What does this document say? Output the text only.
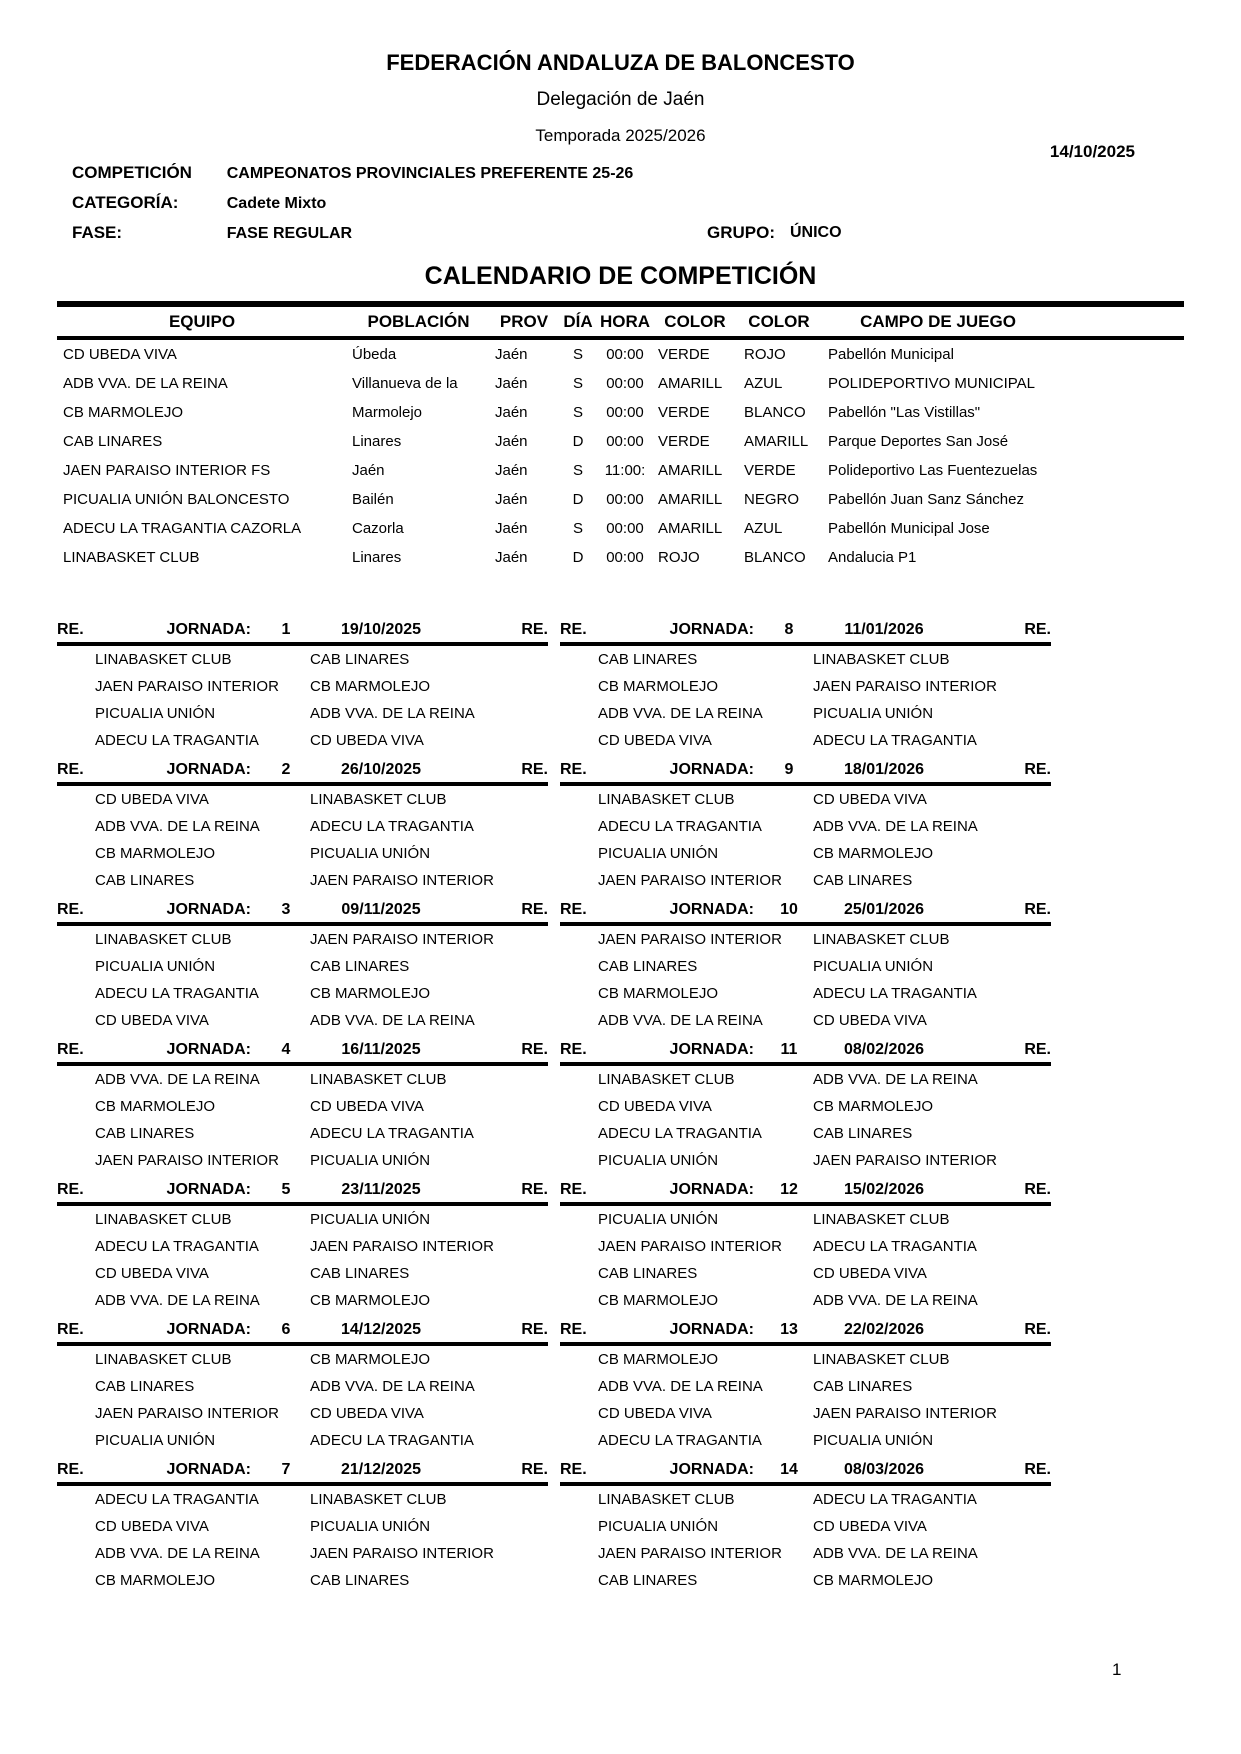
14/10/2025
FEDERACIÓN ANDALUZA DE BALONCESTO
Delegación de Jaén
Temporada 2025/2026
COMPETICIÓN CAMPEONATOS PROVINCIALES PREFERENTE 25-26
CATEGORÍA:	Cadete Mixto
FASE:	FASE REGULAR	GRUPO: ÚNICO
CALENDARIO DE COMPETICIÓN
EQUIPO	POBLACIÓN	PROV DÍA HORA COLOR	COLOR	CAMPO DE JUEGO
CD UBEDA VIVA	Úbeda	Jaén	S	00:00 VERDE	ROJO	Pabellón Municipal
ADB VVA. DE LA REINA	Villanueva de la	Jaén	S	00:00 AMARILL	AZUL	POLIDEPORTIVO MUNICIPAL
CB MARMOLEJO	Marmolejo	Jaén	S	00:00 VERDE	BLANCO	Pabellón "Las Vistillas"
CAB LINARES	Linares	Jaén	D	00:00 VERDE	AMARILL	Parque Deportes San José
JAEN PARAISO INTERIOR FS	Jaén	Jaén	S	11:00: AMARILL	VERDE	Polideportivo Las Fuentezuelas
PICUALIA UNIÓN BALONCESTO	Bailén	Jaén	D	00:00 AMARILL	NEGRO	Pabellón Juan Sanz Sánchez
ADECU LA TRAGANTIA CAZORLA	Cazorla	Jaén	S	00:00 AMARILL	AZUL	Pabellón Municipal Jose
LINABASKET CLUB	Linares	Jaén	D	00:00 ROJO	BLANCO	Andalucia P1
RE.	JORNADA:	1	19/10/2025	RE.
LINABASKET CLUB	CAB LINARES
JAEN PARAISO INTERIOR	CB MARMOLEJO
PICUALIA UNIÓN	ADB VVA. DE LA REINA
ADECU LA TRAGANTIA	CD UBEDA VIVA
RE.	JORNADA:	2	26/10/2025	RE.
CD UBEDA VIVA	LINABASKET CLUB
ADB VVA. DE LA REINA	ADECU LA TRAGANTIA
CB MARMOLEJO	PICUALIA UNIÓN
CAB LINARES	JAEN PARAISO INTERIOR
RE.	JORNADA:	3	09/11/2025	RE.
LINABASKET CLUB	JAEN PARAISO INTERIOR
PICUALIA UNIÓN	CAB LINARES
ADECU LA TRAGANTIA	CB MARMOLEJO
CD UBEDA VIVA	ADB VVA. DE LA REINA
RE.	JORNADA:	4	16/11/2025	RE.
ADB VVA. DE LA REINA	LINABASKET CLUB
CB MARMOLEJO	CD UBEDA VIVA
CAB LINARES	ADECU LA TRAGANTIA
JAEN PARAISO INTERIOR	PICUALIA UNIÓN
RE.	JORNADA:	5	23/11/2025	RE.
LINABASKET CLUB	PICUALIA UNIÓN
ADECU LA TRAGANTIA	JAEN PARAISO INTERIOR
CD UBEDA VIVA	CAB LINARES
ADB VVA. DE LA REINA	CB MARMOLEJO
RE.	JORNADA:	6	14/12/2025	RE.
LINABASKET CLUB	CB MARMOLEJO
CAB LINARES	ADB VVA. DE LA REINA
JAEN PARAISO INTERIOR	CD UBEDA VIVA
PICUALIA UNIÓN	ADECU LA TRAGANTIA
RE.	JORNADA:	7	21/12/2025	RE.
ADECU LA TRAGANTIA	LINABASKET CLUB
CD UBEDA VIVA	PICUALIA UNIÓN
ADB VVA. DE LA REINA	JAEN PARAISO INTERIOR
CB MARMOLEJO	CAB LINARES
RE.	JORNADA:	8	11/01/2026	RE.
CAB LINARES	LINABASKET CLUB
CB MARMOLEJO	JAEN PARAISO INTERIOR
ADB VVA. DE LA REINA	PICUALIA UNIÓN
CD UBEDA VIVA	ADECU LA TRAGANTIA
RE.	JORNADA:	9	18/01/2026	RE.
LINABASKET CLUB	CD UBEDA VIVA
ADECU LA TRAGANTIA	ADB VVA. DE LA REINA
PICUALIA UNIÓN	CB MARMOLEJO
JAEN PARAISO INTERIOR	CAB LINARES
RE.	JORNADA:	10	25/01/2026	RE.
JAEN PARAISO INTERIOR	LINABASKET CLUB
CAB LINARES	PICUALIA UNIÓN
CB MARMOLEJO	ADECU LA TRAGANTIA
ADB VVA. DE LA REINA	CD UBEDA VIVA
RE.	JORNADA:	11	08/02/2026	RE.
LINABASKET CLUB	ADB VVA. DE LA REINA
CD UBEDA VIVA	CB MARMOLEJO
ADECU LA TRAGANTIA	CAB LINARES
PICUALIA UNIÓN	JAEN PARAISO INTERIOR
RE.	JORNADA:	12	15/02/2026	RE.
PICUALIA UNIÓN	LINABASKET CLUB
JAEN PARAISO INTERIOR	ADECU LA TRAGANTIA
CAB LINARES	CD UBEDA VIVA
CB MARMOLEJO	ADB VVA. DE LA REINA
RE.	JORNADA:	13	22/02/2026	RE.
CB MARMOLEJO	LINABASKET CLUB
ADB VVA. DE LA REINA	CAB LINARES
CD UBEDA VIVA	JAEN PARAISO INTERIOR
ADECU LA TRAGANTIA	PICUALIA UNIÓN
RE.	JORNADA:	14	08/03/2026	RE.
LINABASKET CLUB	ADECU LA TRAGANTIA
PICUALIA UNIÓN	CD UBEDA VIVA
JAEN PARAISO INTERIOR	ADB VVA. DE LA REINA
CAB LINARES	CB MARMOLEJO
1
